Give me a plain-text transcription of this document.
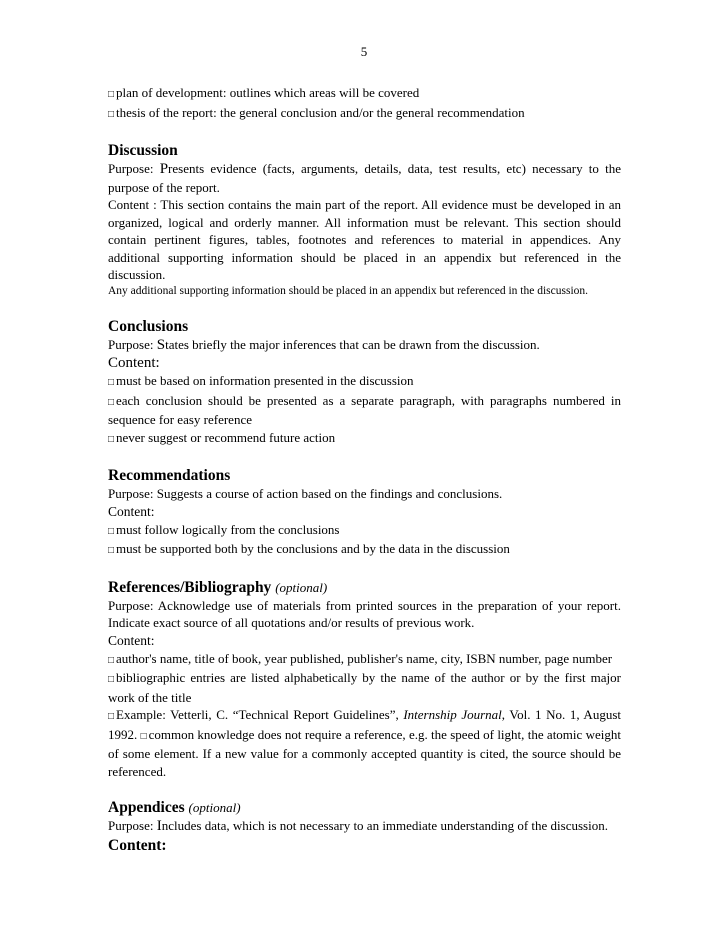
5

□ plan of development: outlines which areas will be covered

□ thesis of the report: the general conclusion and/or the general recommendation

Discussion

Purpose: Presents evidence (facts, arguments, details, data, test results, etc) necessary to the purpose of the report.

Content : This section contains the main part of the report. All evidence must be developed in an organized, logical and orderly manner. All information must be relevant. This section should contain pertinent figures, tables, footnotes and references to material in appendices. Any additional supporting information should be placed in an appendix but referenced in the discussion.

Any additional supporting information should be placed in an appendix but referenced in the discussion.

Conclusions

Purpose: States briefly the major inferences that can be drawn from the discussion.

Content:

□ must be based on information presented in the discussion

□ each conclusion should be presented as a separate paragraph, with paragraphs numbered in sequence for easy reference

□ never suggest or recommend future action

Recommendations

Purpose: Suggests a course of action based on the findings and conclusions.

Content:

□ must follow logically from the conclusions

□ must be supported both by the conclusions and by the data in the discussion

References/Bibliography (optional)

Purpose: Acknowledge use of materials from printed sources in the preparation of your report. Indicate exact source of all quotations and/or results of previous work.

Content:

□ author's name, title of book, year published, publisher's name, city, ISBN number, page number

□ bibliographic entries are listed alphabetically by the name of the author or by the first major work of the title

□ Example: Vetterli, C. “Technical Report Guidelines”, Internship Journal, Vol. 1 No. 1, August 1992. □ common knowledge does not require a reference, e.g. the speed of light, the atomic weight of some element. If a new value for a commonly accepted quantity is cited, the source should be referenced.

Appendices (optional)

Purpose: Includes data, which is not necessary to an immediate understanding of the discussion.

Content:
